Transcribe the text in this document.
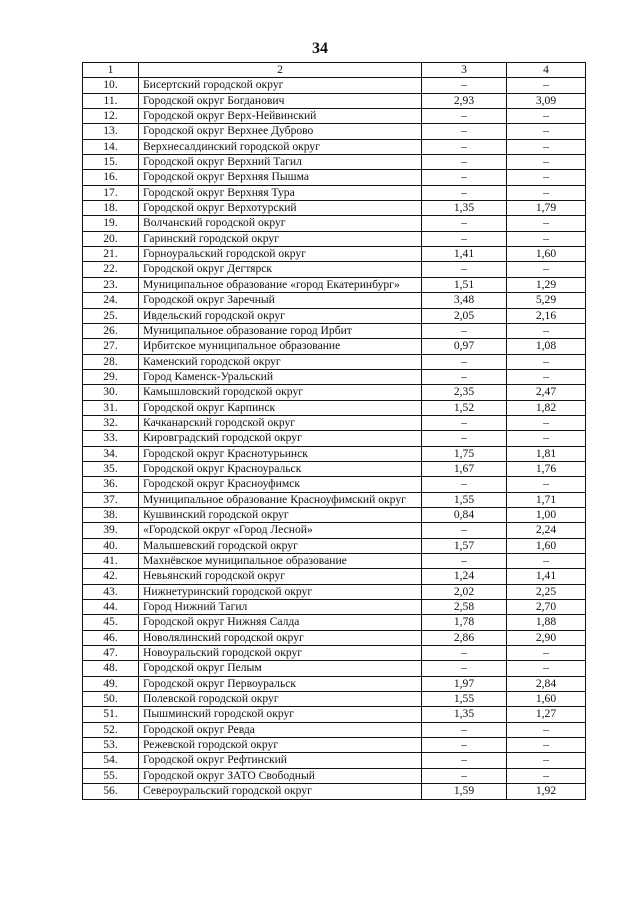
34
1	2	3	4
10.	Бисертский городской округ	–	–
11.	Городской округ Богданович	2,93	3,09
12.	Городской округ Верх-Нейвинский	–	–
13.	Городской округ Верхнее Дуброво	–	–
14.	Верхнесалдинский городской округ	–	–
15.	Городской округ Верхний Тагил	–	–
16.	Городской округ Верхняя Пышма	–	–
17.	Городской округ Верхняя Тура	–	–
18.	Городской округ Верхотурский	1,35	1,79
19.	Волчанский городской округ	–	–
20.	Гаринский городской округ	–	–
21.	Горноуральский городской округ	1,41	1,60
22.	Городской округ Дегтярск	–	–
23.	Муниципальное образование «город Екатеринбург»	1,51	1,29
24.	Городской округ Заречный	3,48	5,29
25.	Ивдельский городской округ	2,05	2,16
26.	Муниципальное образование город Ирбит	–	–
27.	Ирбитское муниципальное образование	0,97	1,08
28.	Каменский городской округ	–	–
29.	Город Каменск-Уральский	–	–
30.	Камышловский городской округ	2,35	2,47
31.	Городской округ Карпинск	1,52	1,82
32.	Качканарский городской округ	–	–
33.	Кировградский городской округ	–	–
34.	Городской округ Краснотурьинск	1,75	1,81
35.	Городской округ Красноуральск	1,67	1,76
36.	Городской округ Красноуфимск	–	–
37.	Муниципальное образование Красноуфимский округ	1,55	1,71
38.	Кушвинский городской округ	0,84	1,00
39.	«Городской округ «Город Лесной»	–	2,24
40.	Малышевский городской округ	1,57	1,60
41.	Махнёвское муниципальное образование	–	–
42.	Невьянский городской округ	1,24	1,41
43.	Нижнетуринский городской округ	2,02	2,25
44.	Город Нижний Тагил	2,58	2,70
45.	Городской округ Нижняя Салда	1,78	1,88
46.	Новолялинский городской округ	2,86	2,90
47.	Новоуральский городской округ	–	–
48.	Городской округ Пелым	–	–
49.	Городской округ Первоуральск	1,97	2,84
50.	Полевской городской округ	1,55	1,60
51.	Пышминский городской округ	1,35	1,27
52.	Городской округ Ревда	–	–
53.	Режевской городской округ	–	–
54.	Городской округ Рефтинский	–	–
55.	Городской округ ЗАТО Свободный	–	–
56.	Североуральский городской округ	1,59	1,92
